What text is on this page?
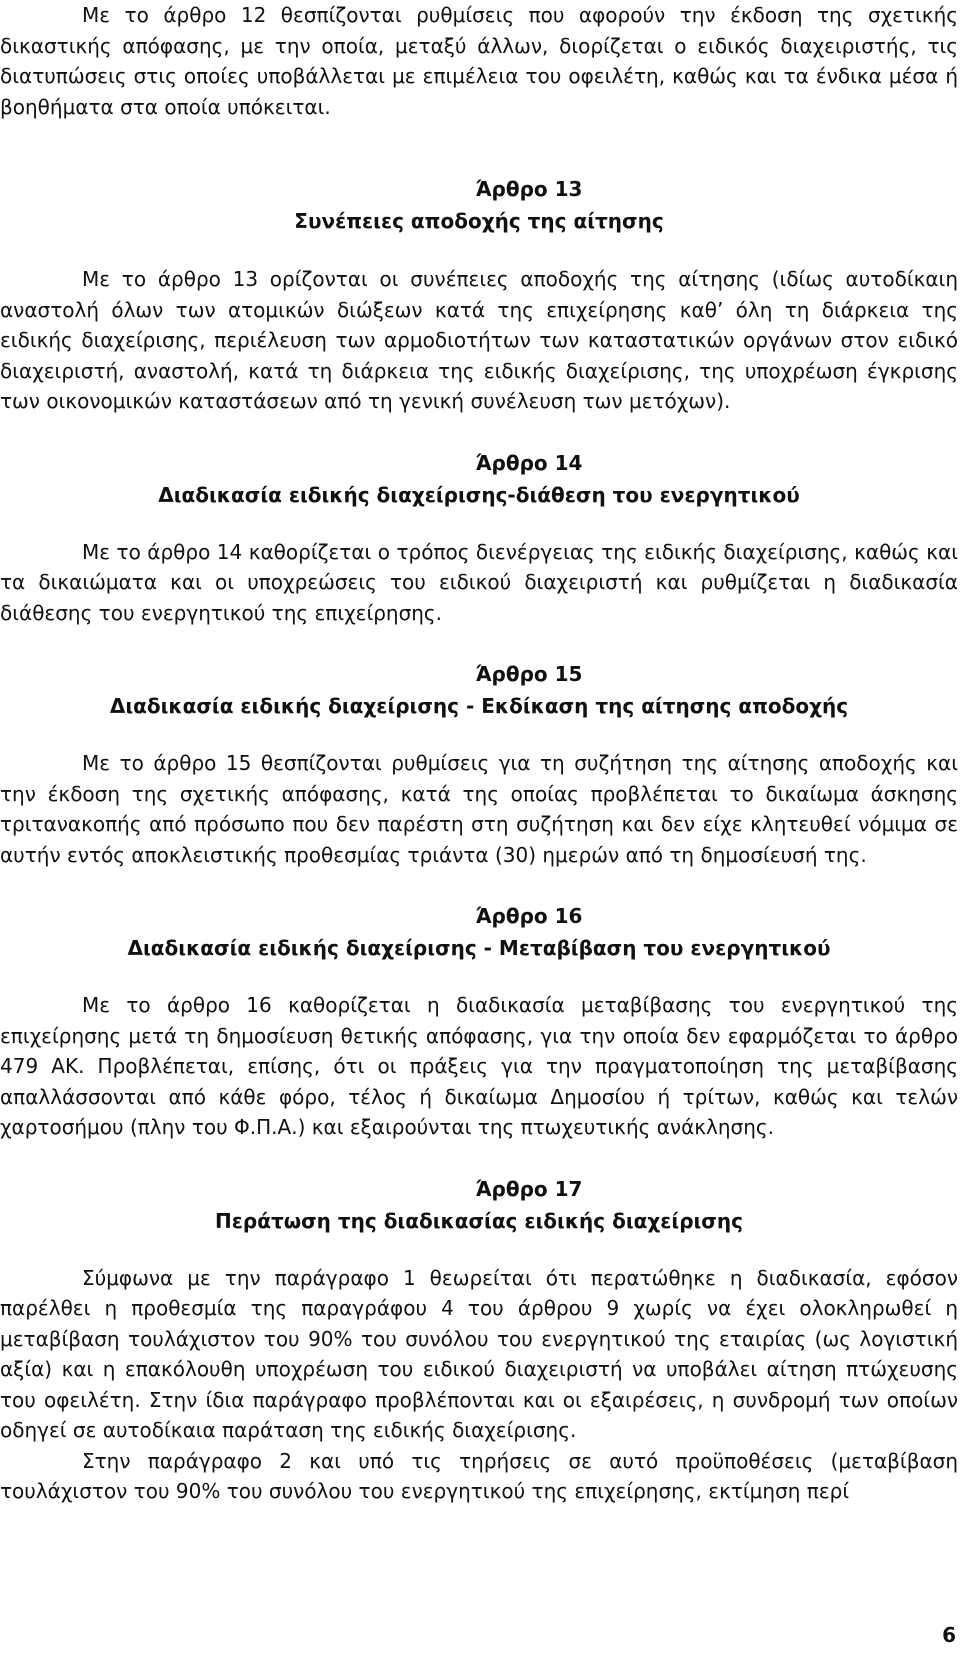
Με το άρθρο 12 θεσπίζονται ρυθμίσεις που αφορούν την έκδοση της σχετικής δικαστικής απόφασης, με την οποία, μεταξύ άλλων, διορίζεται ο ειδικός διαχειριστής, τις διατυπώσεις στις οποίες υποβάλλεται με επιμέλεια του οφειλέτη, καθώς και τα ένδικα μέσα ή βοηθήματα στα οποία υπόκειται.

Άρθρο 13
Συνέπειες αποδοχής της αίτησης

Με το άρθρο 13 ορίζονται οι συνέπειες αποδοχής της αίτησης (ιδίως αυτοδίκαιη αναστολή όλων των ατομικών διώξεων κατά της επιχείρησης καθ’ όλη τη διάρκεια της ειδικής διαχείρισης, περιέλευση των αρμοδιοτήτων των καταστατικών οργάνων στον ειδικό διαχειριστή, αναστολή, κατά τη διάρκεια της ειδικής διαχείρισης, της υποχρέωση έγκρισης των οικονομικών καταστάσεων από τη γενική συνέλευση των μετόχων).

Άρθρο 14
Διαδικασία ειδικής διαχείρισης-διάθεση του ενεργητικού

Με το άρθρο 14 καθορίζεται ο τρόπος διενέργειας της ειδικής διαχείρισης, καθώς και τα δικαιώματα και οι υποχρεώσεις του ειδικού διαχειριστή και ρυθμίζεται η διαδικασία διάθεσης του ενεργητικού της επιχείρησης.

Άρθρο 15
Διαδικασία ειδικής διαχείρισης - Εκδίκαση της αίτησης αποδοχής

Με το άρθρο 15 θεσπίζονται ρυθμίσεις για τη συζήτηση της αίτησης αποδοχής και την έκδοση της σχετικής απόφασης, κατά της οποίας προβλέπεται το δικαίωμα άσκησης τριτανακοπής από πρόσωπο που δεν παρέστη στη συζήτηση και δεν είχε κλητευθεί νόμιμα σε αυτήν εντός αποκλειστικής προθεσμίας τριάντα (30) ημερών από τη δημοσίευσή της.

Άρθρο 16
Διαδικασία ειδικής διαχείρισης - Μεταβίβαση του ενεργητικού

Με το άρθρο 16 καθορίζεται η διαδικασία μεταβίβασης του ενεργητικού της επιχείρησης μετά τη δημοσίευση θετικής απόφασης, για την οποία δεν εφαρμόζεται το άρθρο 479 ΑΚ. Προβλέπεται, επίσης, ότι οι πράξεις για την πραγματοποίηση της μεταβίβασης απαλλάσσονται από κάθε φόρο, τέλος ή δικαίωμα Δημοσίου ή τρίτων, καθώς και τελών χαρτοσήμου (πλην του Φ.Π.Α.) και εξαιρούνται της πτωχευτικής ανάκλησης.

Άρθρο 17
Περάτωση της διαδικασίας ειδικής διαχείρισης

Σύμφωνα με την παράγραφο 1 θεωρείται ότι περατώθηκε η διαδικασία, εφόσον παρέλθει η προθεσμία της παραγράφου 4 του άρθρου 9 χωρίς να έχει ολοκληρωθεί η μεταβίβαση τουλάχιστον του 90% του συνόλου του ενεργητικού της εταιρίας (ως λογιστική αξία) και η επακόλουθη υποχρέωση του ειδικού διαχειριστή να υποβάλει αίτηση πτώχευσης του οφειλέτη. Στην ίδια παράγραφο προβλέπονται και οι εξαιρέσεις, η συνδρομή των οποίων οδηγεί σε αυτοδίκαια παράταση της ειδικής διαχείρισης.

Στην παράγραφο 2 και υπό τις τηρήσεις σε αυτό προϋποθέσεις (μεταβίβαση τουλάχιστον του 90% του συνόλου του ενεργητικού της επιχείρησης, εκτίμηση περί

6
